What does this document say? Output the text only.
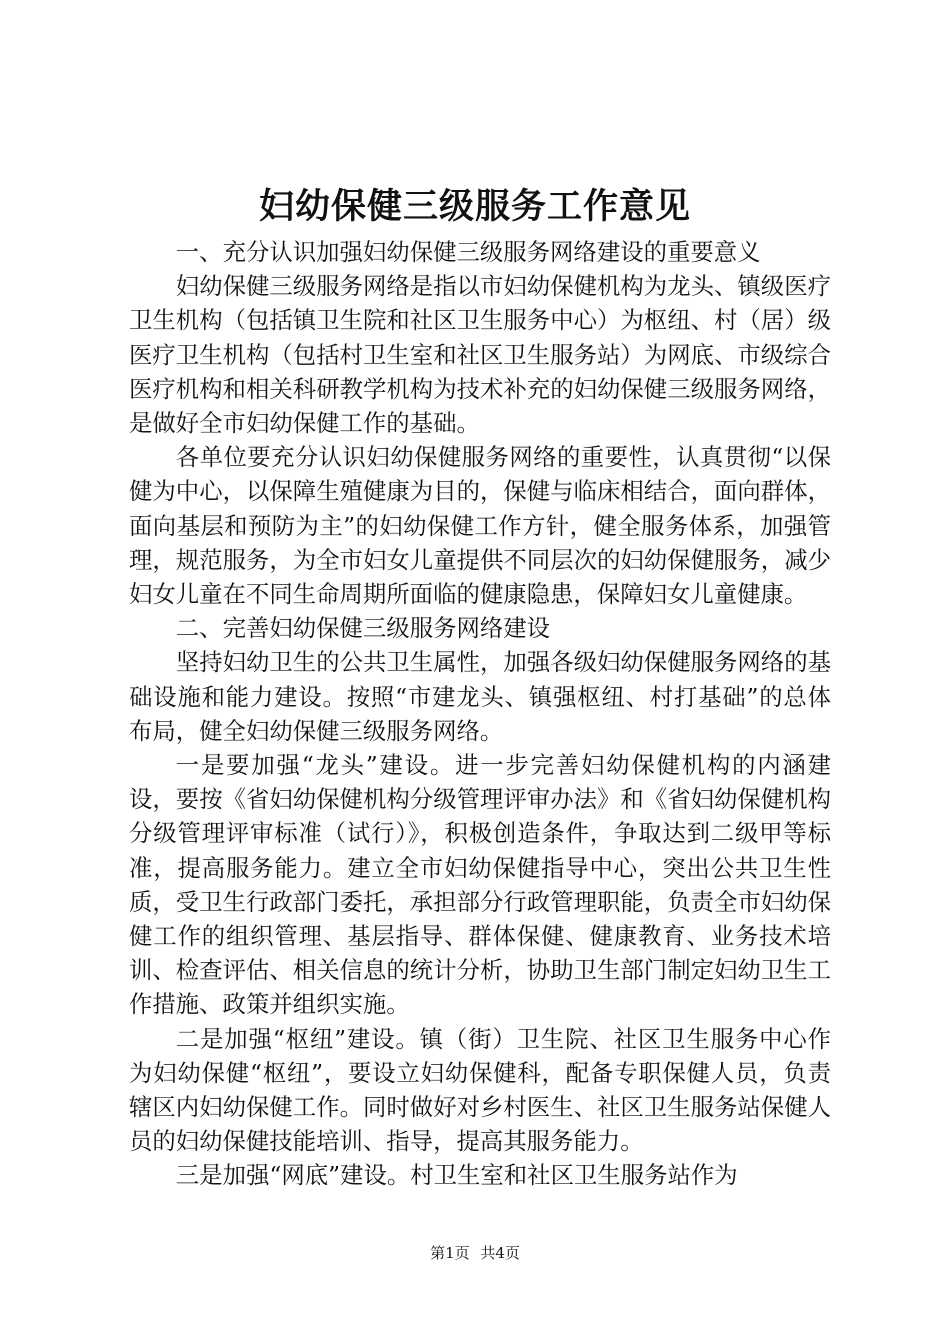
妇幼保健三级服务工作意见

一、充分认识加强妇幼保健三级服务网络建设的重要意义

妇幼保健三级服务网络是指以市妇幼保健机构为龙头、镇级医疗卫生机构（包括镇卫生院和社区卫生服务中心）为枢纽、村（居）级医疗卫生机构（包括村卫生室和社区卫生服务站）为网底、市级综合医疗机构和相关科研教学机构为技术补充的妇幼保健三级服务网络，是做好全市妇幼保健工作的基础。

各单位要充分认识妇幼保健服务网络的重要性，认真贯彻“以保健为中心，以保障生殖健康为目的，保健与临床相结合，面向群体，面向基层和预防为主”的妇幼保健工作方针，健全服务体系，加强管理，规范服务，为全市妇女儿童提供不同层次的妇幼保健服务，减少妇女儿童在不同生命周期所面临的健康隐患，保障妇女儿童健康。

二、完善妇幼保健三级服务网络建设

坚持妇幼卫生的公共卫生属性，加强各级妇幼保健服务网络的基础设施和能力建设。按照“市建龙头、镇强枢纽、村打基础”的总体布局，健全妇幼保健三级服务网络。

一是要加强“龙头”建设。进一步完善妇幼保健机构的内涵建设，要按《省妇幼保健机构分级管理评审办法》和《省妇幼保健机构分级管理评审标准（试行）》，积极创造条件，争取达到二级甲等标准，提高服务能力。建立全市妇幼保健指导中心，突出公共卫生性质，受卫生行政部门委托，承担部分行政管理职能，负责全市妇幼保健工作的组织管理、基层指导、群体保健、健康教育、业务技术培训、检查评估、相关信息的统计分析，协助卫生部门制定妇幼卫生工作措施、政策并组织实施。

二是加强“枢纽”建设。镇（街）卫生院、社区卫生服务中心作为妇幼保健“枢纽”，要设立妇幼保健科，配备专职保健人员，负责辖区内妇幼保健工作。同时做好对乡村医生、社区卫生服务站保健人员的妇幼保健技能培训、指导，提高其服务能力。

三是加强“网底”建设。村卫生室和社区卫生服务站作为

第1页 共4页
